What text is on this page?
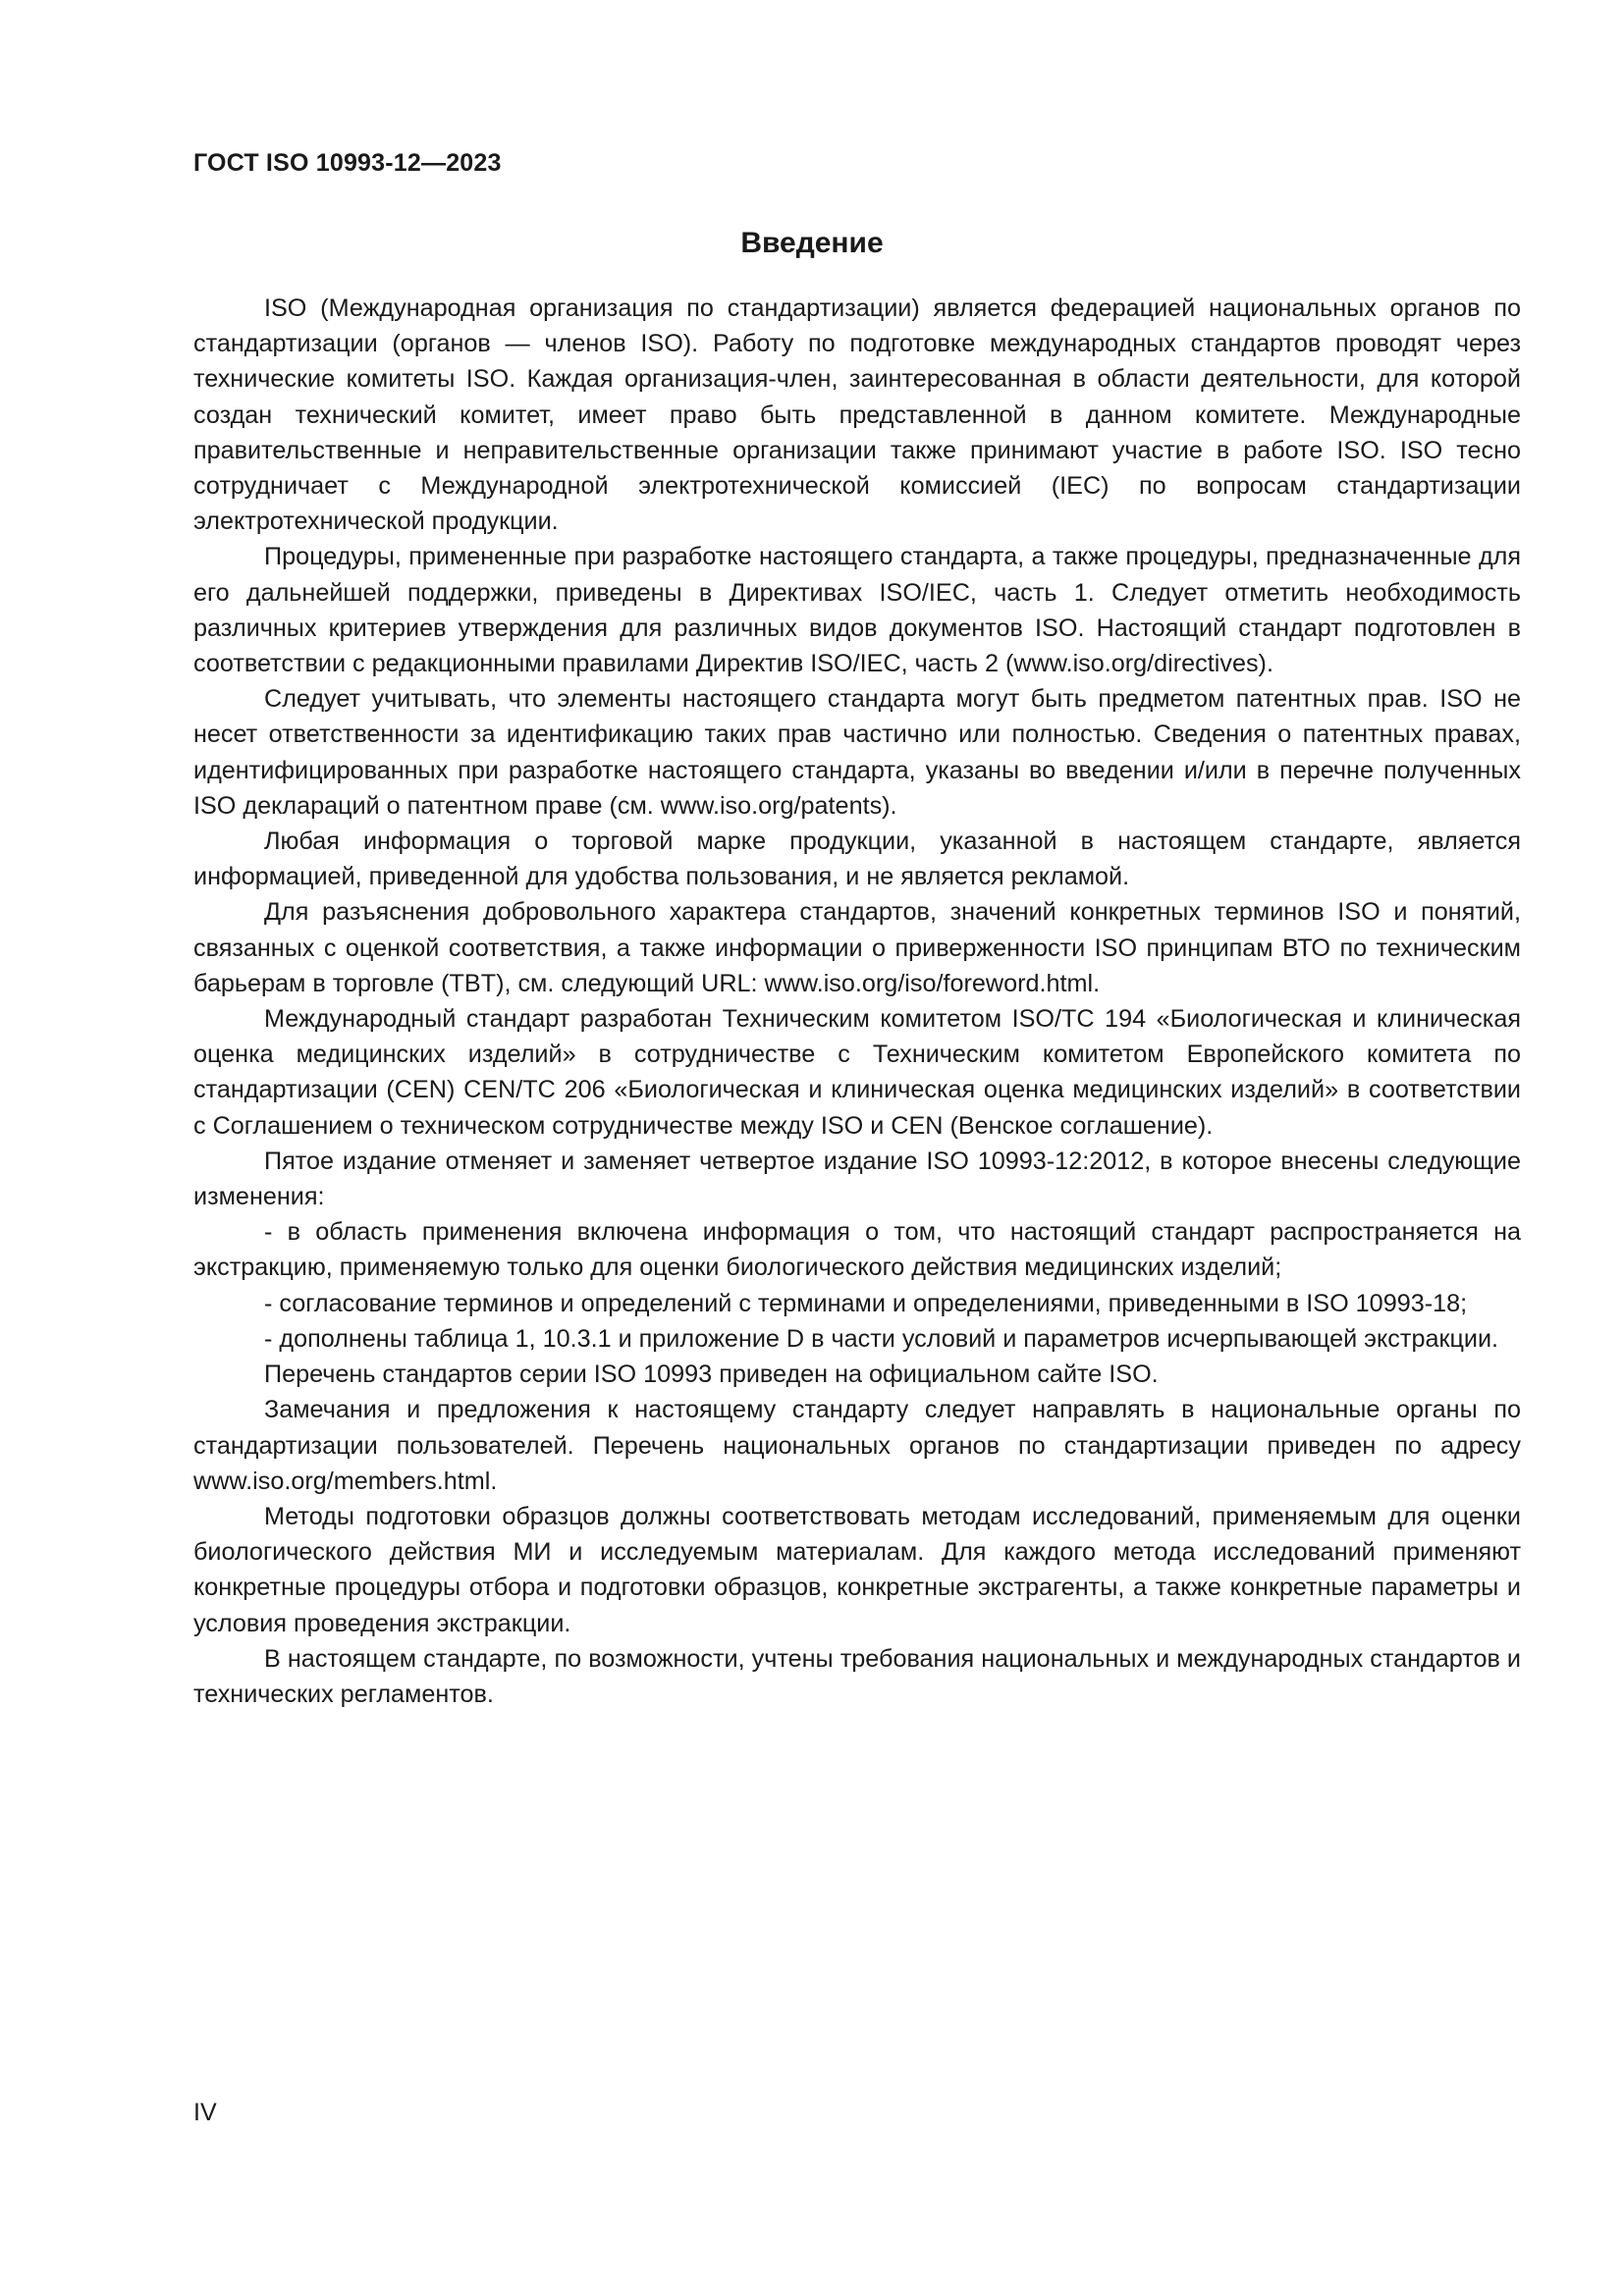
ГОСТ ISO 10993-12—2023
Введение

ISO (Международная организация по стандартизации) является федерацией национальных органов по стандартизации (органов — членов ISO). Работу по подготовке международных стандартов проводят через технические комитеты ISO. Каждая организация-член, заинтересованная в области деятельности, для которой создан технический комитет, имеет право быть представленной в данном комитете. Международные правительственные и неправительственные организации также принимают участие в работе ISO. ISO тесно сотрудничает с Международной электротехнической комиссией (IEC) по вопросам стандартизации электротехнической продукции.

Процедуры, примененные при разработке настоящего стандарта, а также процедуры, предназначенные для его дальнейшей поддержки, приведены в Директивах ISO/IEC, часть 1. Следует отметить необходимость различных критериев утверждения для различных видов документов ISO. Настоящий стандарт подготовлен в соответствии с редакционными правилами Директив ISO/IEC, часть 2 (www.iso.org/directives).

Следует учитывать, что элементы настоящего стандарта могут быть предметом патентных прав. ISO не несет ответственности за идентификацию таких прав частично или полностью. Сведения о патентных правах, идентифицированных при разработке настоящего стандарта, указаны во введении и/или в перечне полученных ISO деклараций о патентном праве (см. www.iso.org/patents).

Любая информация о торговой марке продукции, указанной в настоящем стандарте, является информацией, приведенной для удобства пользования, и не является рекламой.

Для разъяснения добровольного характера стандартов, значений конкретных терминов ISO и понятий, связанных с оценкой соответствия, а также информации о приверженности ISO принципам ВТО по техническим барьерам в торговле (TBT), см. следующий URL: www.iso.org/iso/foreword.html.

Международный стандарт разработан Техническим комитетом ISO/TC 194 «Биологическая и клиническая оценка медицинских изделий» в сотрудничестве с Техническим комитетом Европейского комитета по стандартизации (CEN) CEN/TC 206 «Биологическая и клиническая оценка медицинских изделий» в соответствии с Соглашением о техническом сотрудничестве между ISO и CEN (Венское соглашение).

Пятое издание отменяет и заменяет четвертое издание ISO 10993-12:2012, в которое внесены следующие изменения:

- в область применения включена информация о том, что настоящий стандарт распространяется на экстракцию, применяемую только для оценки биологического действия медицинских изделий;

- согласование терминов и определений с терминами и определениями, приведенными в ISO 10993-18;

- дополнены таблица 1, 10.3.1 и приложение D в части условий и параметров исчерпывающей экстракции.

Перечень стандартов серии ISO 10993 приведен на официальном сайте ISO.

Замечания и предложения к настоящему стандарту следует направлять в национальные органы по стандартизации пользователей. Перечень национальных органов по стандартизации приведен по адресу www.iso.org/members.html.

Методы подготовки образцов должны соответствовать методам исследований, применяемым для оценки биологического действия МИ и исследуемым материалам. Для каждого метода исследований применяют конкретные процедуры отбора и подготовки образцов, конкретные экстрагенты, а также конкретные параметры и условия проведения экстракции.

В настоящем стандарте, по возможности, учтены требования национальных и международных стандартов и технических регламентов.

IV
